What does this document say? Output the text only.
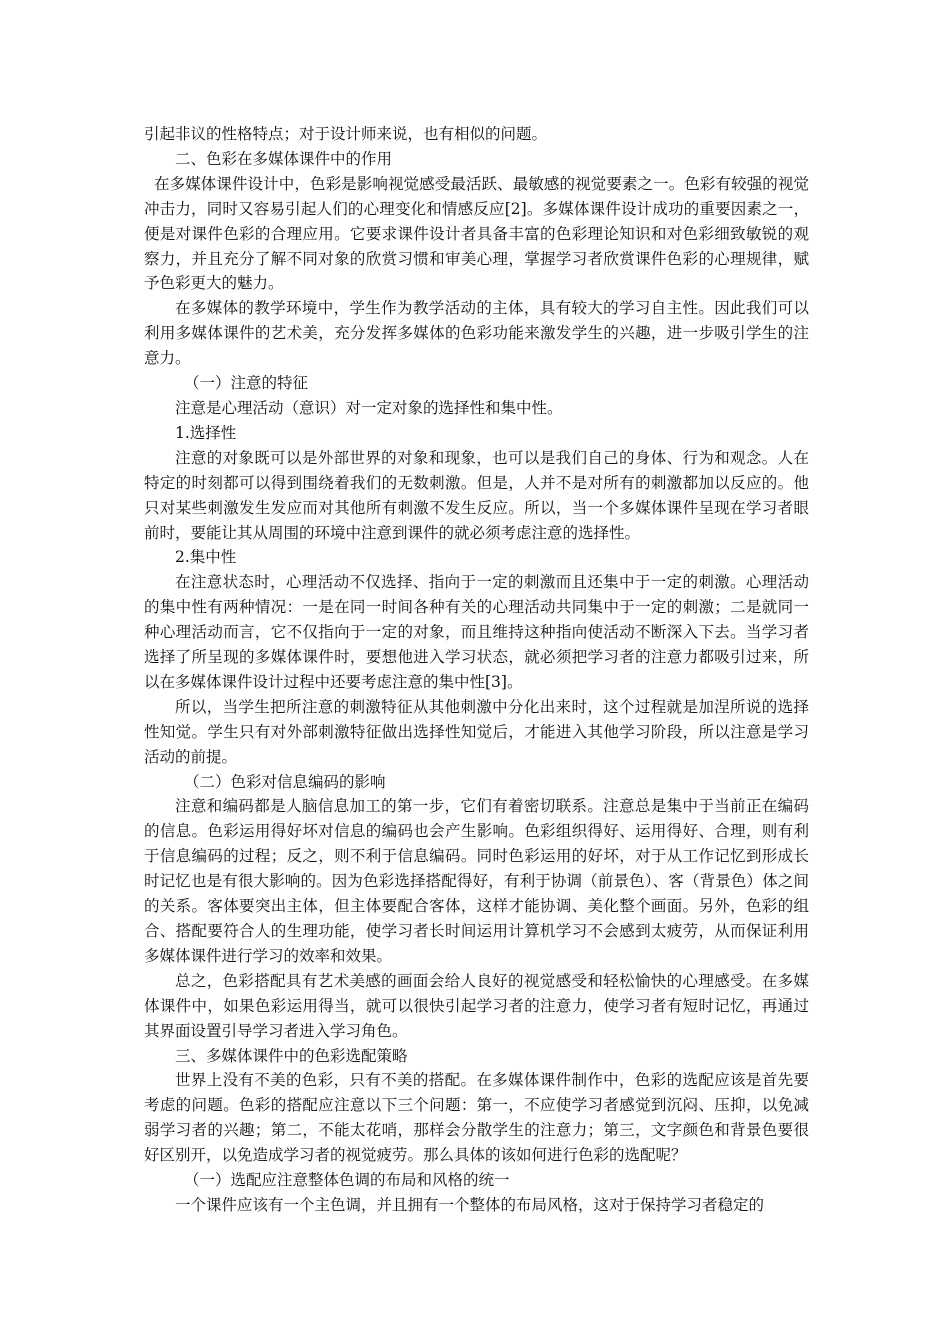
引起非议的性格特点；对于设计师来说，也有相似的问题。

二、色彩在多媒体课件中的作用

在多媒体课件设计中，色彩是影响视觉感受最活跃、最敏感的视觉要素之一。色彩有较强的视觉冲击力，同时又容易引起人们的心理变化和情感反应[2]。多媒体课件设计成功的重要因素之一，便是对课件色彩的合理应用。它要求课件设计者具备丰富的色彩理论知识和对色彩细致敏锐的观察力，并且充分了解不同对象的欣赏习惯和审美心理，掌握学习者欣赏课件色彩的心理规律，赋予色彩更大的魅力。

在多媒体的教学环境中，学生作为教学活动的主体，具有较大的学习自主性。因此我们可以利用多媒体课件的艺术美，充分发挥多媒体的色彩功能来激发学生的兴趣，进一步吸引学生的注意力。

（一）注意的特征

注意是心理活动（意识）对一定对象的选择性和集中性。

1.选择性

注意的对象既可以是外部世界的对象和现象，也可以是我们自己的身体、行为和观念。人在特定的时刻都可以得到围绕着我们的无数刺激。但是，人并不是对所有的刺激都加以反应的。他只对某些刺激发生发应而对其他所有刺激不发生反应。所以，当一个多媒体课件呈现在学习者眼前时，要能让其从周围的环境中注意到课件的就必须考虑注意的选择性。

2.集中性

在注意状态时，心理活动不仅选择、指向于一定的刺激而且还集中于一定的刺激。心理活动的集中性有两种情况：一是在同一时间各种有关的心理活动共同集中于一定的刺激；二是就同一种心理活动而言，它不仅指向于一定的对象，而且维持这种指向使活动不断深入下去。当学习者选择了所呈现的多媒体课件时，要想他进入学习状态，就必须把学习者的注意力都吸引过来，所以在多媒体课件设计过程中还要考虑注意的集中性[3]。

所以，当学生把所注意的刺激特征从其他刺激中分化出来时，这个过程就是加涅所说的选择性知觉。学生只有对外部刺激特征做出选择性知觉后，才能进入其他学习阶段，所以注意是学习活动的前提。

（二）色彩对信息编码的影响

注意和编码都是人脑信息加工的第一步，它们有着密切联系。注意总是集中于当前正在编码的信息。色彩运用得好坏对信息的编码也会产生影响。色彩组织得好、运用得好、合理，则有利于信息编码的过程；反之，则不利于信息编码。同时色彩运用的好坏，对于从工作记忆到形成长时记忆也是有很大影响的。因为色彩选择搭配得好，有利于协调（前景色）、客（背景色）体之间的关系。客体要突出主体，但主体要配合客体，这样才能协调、美化整个画面。另外，色彩的组合、搭配要符合人的生理功能，使学习者长时间运用计算机学习不会感到太疲劳，从而保证利用多媒体课件进行学习的效率和效果。

总之，色彩搭配具有艺术美感的画面会给人良好的视觉感受和轻松愉快的心理感受。在多媒体课件中，如果色彩运用得当，就可以很快引起学习者的注意力，使学习者有短时记忆，再通过其界面设置引导学习者进入学习角色。

三、多媒体课件中的色彩选配策略

世界上没有不美的色彩，只有不美的搭配。在多媒体课件制作中，色彩的选配应该是首先要考虑的问题。色彩的搭配应注意以下三个问题：第一，不应使学习者感觉到沉闷、压抑，以免减弱学习者的兴趣；第二，不能太花哨，那样会分散学生的注意力；第三，文字颜色和背景色要很好区别开，以免造成学习者的视觉疲劳。那么具体的该如何进行色彩的选配呢？

（一）选配应注意整体色调的布局和风格的统一

一个课件应该有一个主色调，并且拥有一个整体的布局风格，这对于保持学习者稳定的
